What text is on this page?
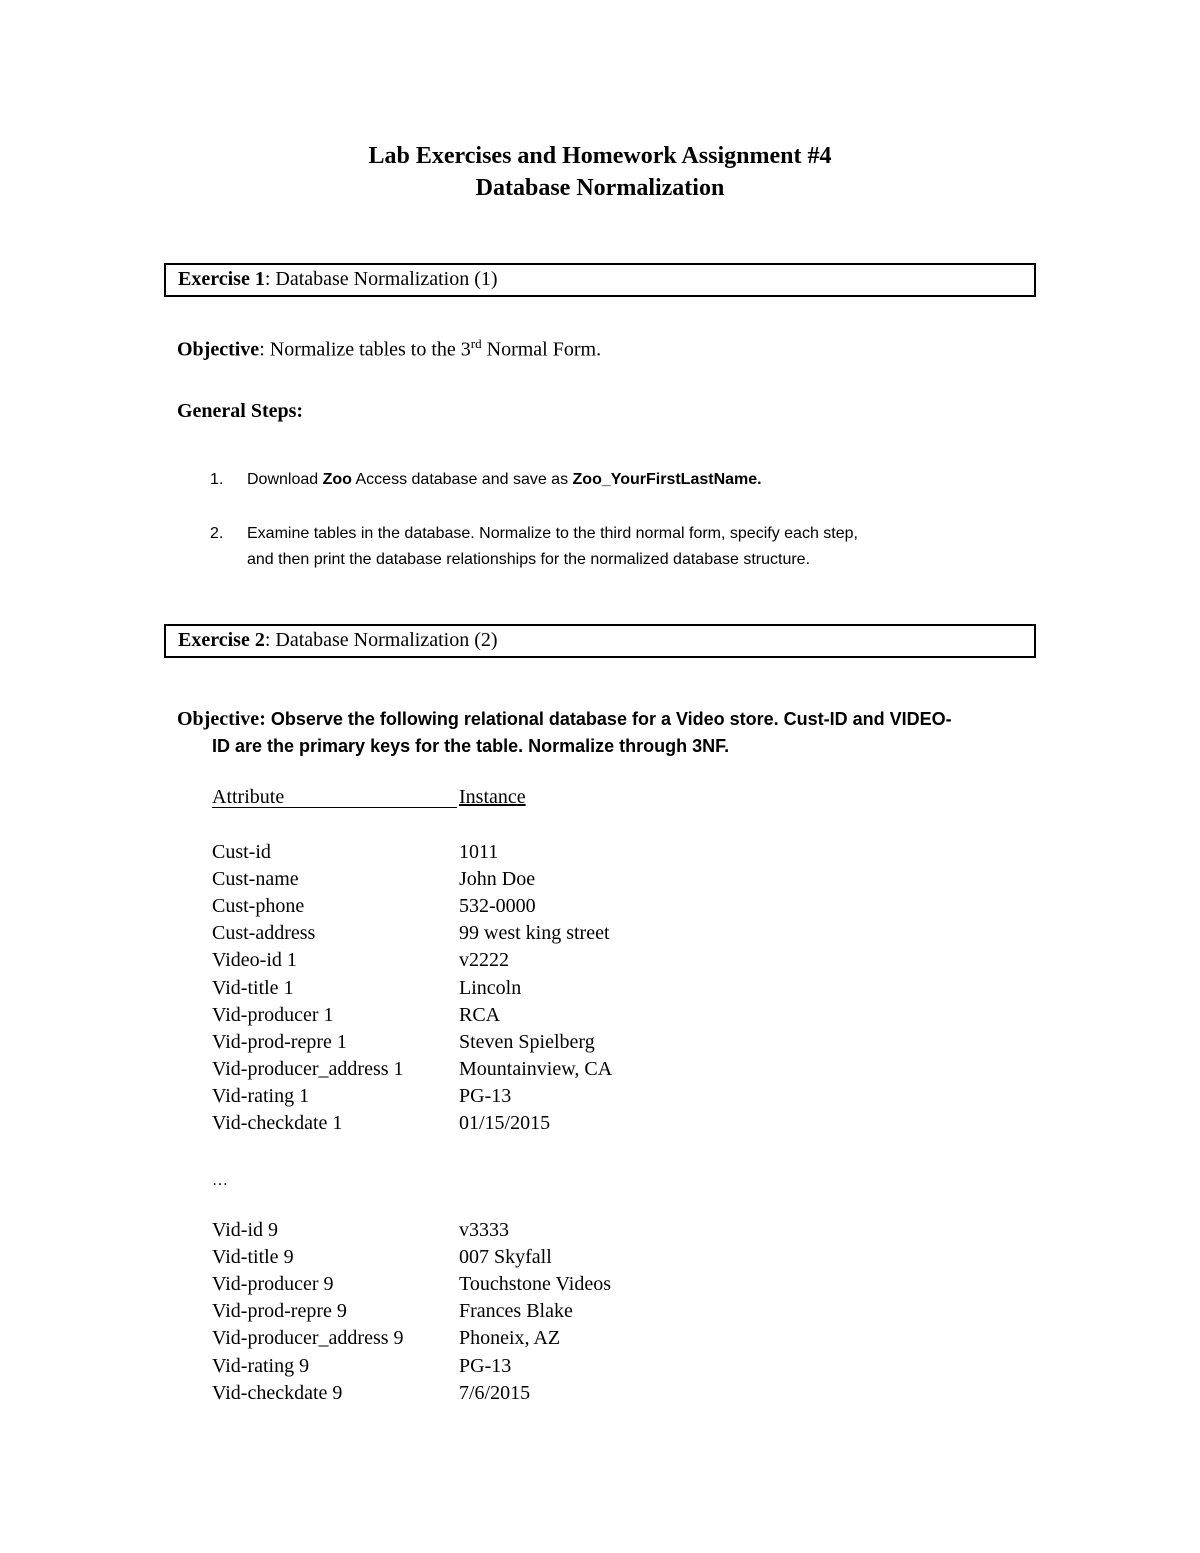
Lab Exercises and Homework Assignment #4
Database Normalization
Exercise 1: Database Normalization (1)
Objective: Normalize tables to the 3rd Normal Form.
General Steps:
1. Download Zoo Access database and save as Zoo_YourFirstLastName.
2. Examine tables in the database. Normalize to the third normal form, specify each step,
and then print the database relationships for the normalized database structure.
Exercise 2: Database Normalization (2)
Objective: Observe the following relational database for a Video store. Cust-ID and VIDEO-
ID are the primary keys for the table. Normalize through 3NF.
Attribute	Instance
Cust-id	1011
Cust-name	John Doe
Cust-phone	532-0000
Cust-address	99 west king street
Video-id 1	v2222
Vid-title 1	Lincoln
Vid-producer 1	RCA
Vid-prod-repre 1	Steven Spielberg
Vid-producer_address 1	Mountainview, CA
Vid-rating 1	PG-13
Vid-checkdate 1	01/15/2015
…
Vid-id 9	v3333
Vid-title 9	007 Skyfall
Vid-producer 9	Touchstone Videos
Vid-prod-repre 9	Frances Blake
Vid-producer_address 9	Phoneix, AZ
Vid-rating 9	PG-13
Vid-checkdate 9	7/6/2015
